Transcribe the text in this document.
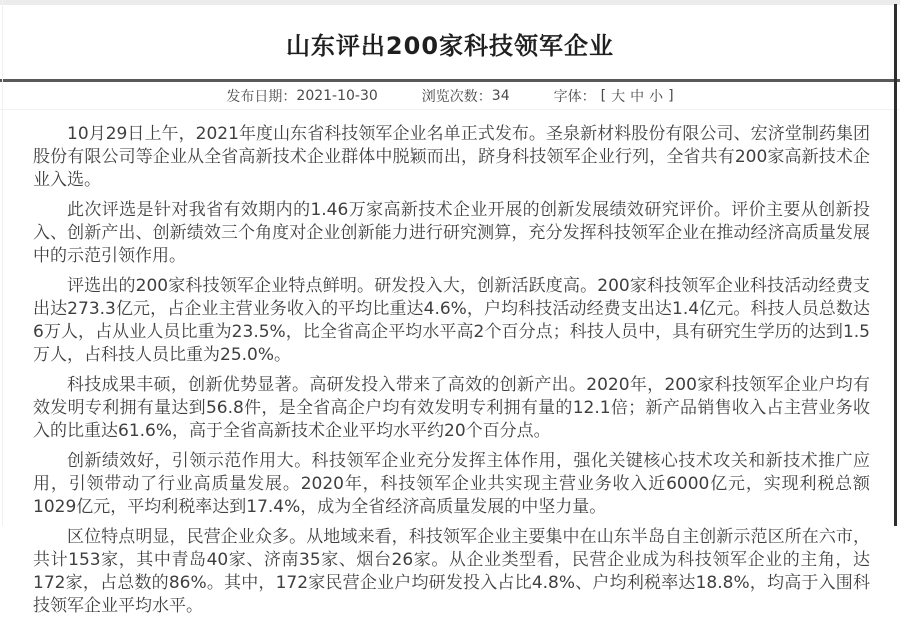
山东评出200家科技领军企业
发布日期： 2021-10-30	浏览次数： 34	字体： [ 大 中 小 ]

10月29日上午，2021年度山东省科技领军企业名单正式发布。圣泉新材料股份有限公司、宏济堂制药集团股份有限公司等企业从全省高新技术企业群体中脱颖而出，跻身科技领军企业行列，全省共有200家高新技术企业入选。

此次评选是针对我省有效期内的1.46万家高新技术企业开展的创新发展绩效研究评价。评价主要从创新投入、创新产出、创新绩效三个角度对企业创新能力进行研究测算，充分发挥科技领军企业在推动经济高质量发展中的示范引领作用。

评选出的200家科技领军企业特点鲜明。研发投入大，创新活跃度高。200家科技领军企业科技活动经费支出达273.3亿元，占企业主营业务收入的平均比重达4.6%，户均科技活动经费支出达1.4亿元。科技人员总数达6万人，占从业人员比重为23.5%，比全省高企平均水平高2个百分点；科技人员中，具有研究生学历的达到1.5万人，占科技人员比重为25.0%。

科技成果丰硕，创新优势显著。高研发投入带来了高效的创新产出。2020年，200家科技领军企业户均有效发明专利拥有量达到56.8件，是全省高企户均有效发明专利拥有量的12.1倍；新产品销售收入占主营业务收入的比重达61.6%，高于全省高新技术企业平均水平约20个百分点。

创新绩效好，引领示范作用大。科技领军企业充分发挥主体作用，强化关键核心技术攻关和新技术推广应用，引领带动了行业高质量发展。2020年，科技领军企业共实现主营业务收入近6000亿元，实现利税总额1029亿元，平均利税率达到17.4%，成为全省经济高质量发展的中坚力量。

区位特点明显，民营企业众多。从地域来看，科技领军企业主要集中在山东半岛自主创新示范区所在六市，共计153家，其中青岛40家、济南35家、烟台26家。从企业类型看，民营企业成为科技领军企业的主角，达172家，占总数的86%。其中，172家民营企业户均研发投入占比4.8%、户均利税率达18.8%，均高于入围科技领军企业平均水平。
